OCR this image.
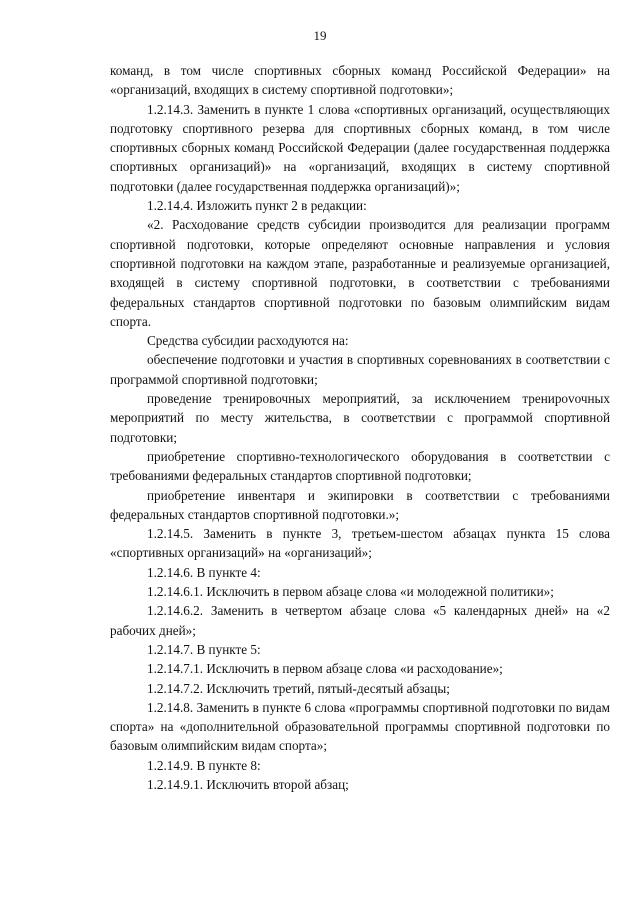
19

команд, в том числе спортивных сборных команд Российской Федерации» на «организаций, входящих в систему спортивной подготовки»;

1.2.14.3. Заменить в пункте 1 слова «спортивных организаций, осуществляющих подготовку спортивного резерва для спортивных сборных команд, в том числе спортивных сборных команд Российской Федерации (далее государственная поддержка спортивных организаций)» на «организаций, входящих в систему спортивной подготовки (далее государственная поддержка организаций)»;

1.2.14.4. Изложить пункт 2 в редакции:

«2. Расходование средств субсидии производится для реализации программ спортивной подготовки, которые определяют основные направления и условия спортивной подготовки на каждом этапе, разработанные и реализуемые организацией, входящей в систему спортивной подготовки, в соответствии с требованиями федеральных стандартов спортивной подготовки по базовым олимпийским видам спорта.

Средства субсидии расходуются на:

обеспечение подготовки и участия в спортивных соревнованиях в соответствии с программой спортивной подготовки;

проведение тренировочных мероприятий, за исключением тренироvочных мероприятий по месту жительства, в соответствии с программой спортивной подготовки;

приобретение спортивно-технологического оборудования в соответствии с требованиями федеральных стандартов спортивной подготовки;

приобретение инвентаря и экипировки в соответствии с требованиями федеральных стандартов спортивной подготовки.»;

1.2.14.5. Заменить в пункте 3, третьем-шестом абзацах пункта 15 слова «спортивных организаций» на «организаций»;

1.2.14.6. В пункте 4:

1.2.14.6.1. Исключить в первом абзаце слова «и молодежной политики»;

1.2.14.6.2. Заменить в четвертом абзаце слова «5 календарных дней» на «2 рабочих дней»;

1.2.14.7. В пункте 5:

1.2.14.7.1. Исключить в первом абзаце слова «и расходование»;

1.2.14.7.2. Исключить третий, пятый-десятый абзацы;

1.2.14.8. Заменить в пункте 6 слова «программы спортивной подготовки по видам спорта» на «дополнительной образовательной программы спортивной подготовки по базовым олимпийским видам спорта»;

1.2.14.9. В пункте 8:

1.2.14.9.1. Исключить второй абзац;
